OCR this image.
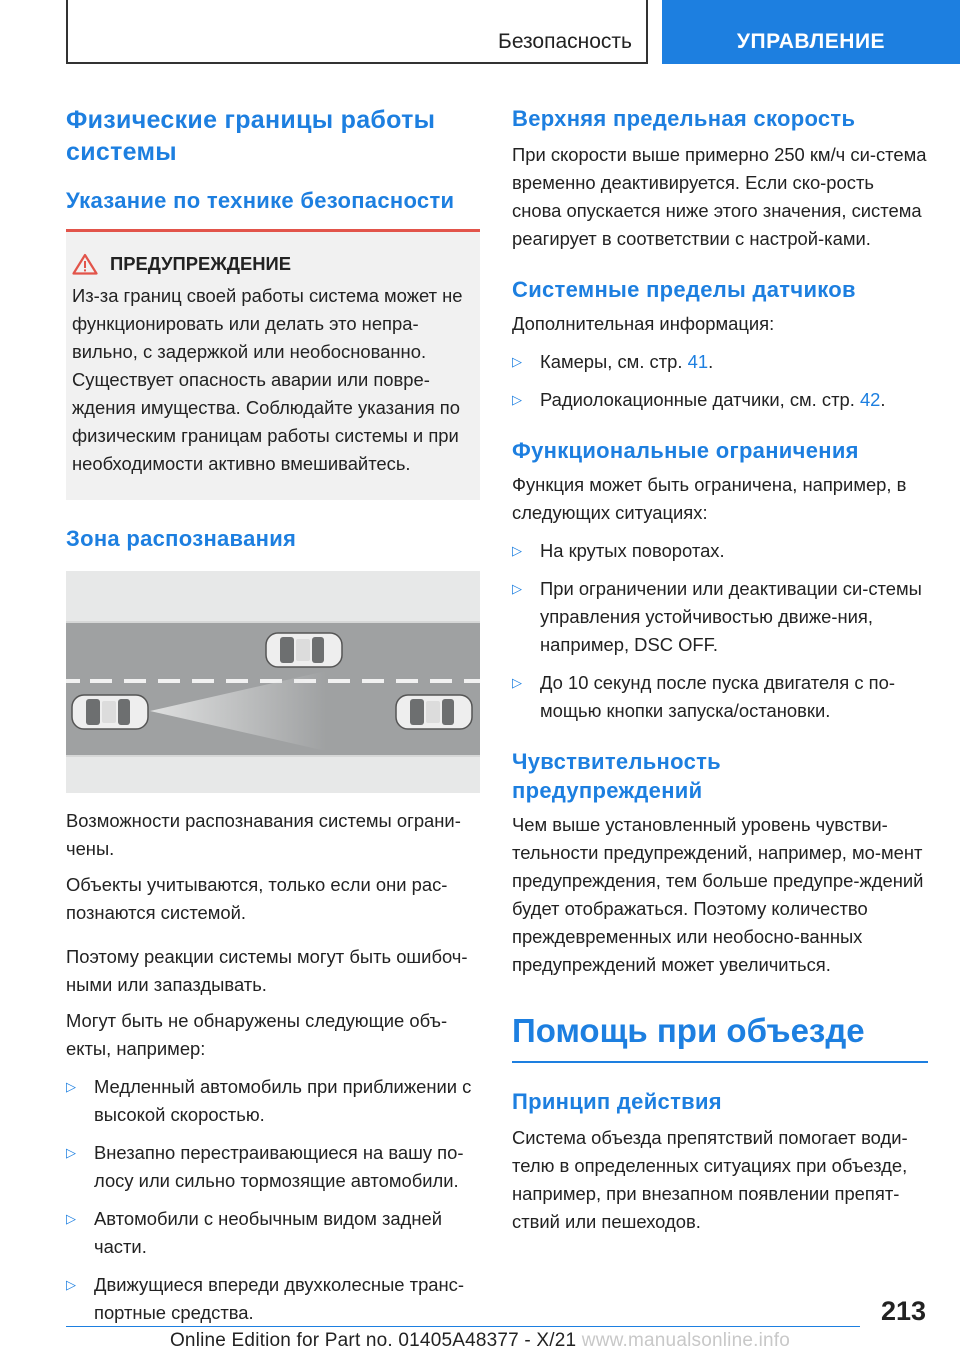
Безопасность	УПРАВЛЕНИЕ
Физические границы работы системы
Указание по технике безопасности
ПРЕДУПРЕЖДЕНИЕ

Из-за границ своей работы система может не функционировать или делать это непра-вильно, с задержкой или необоснованно. Существует опасность аварии или повре-ждения имущества. Соблюдайте указания по физическим границам работы системы и при необходимости активно вмешивайтесь.

Зона распознавания

Возможности распознавания системы ограни-чены.

Объекты учитываются, только если они рас-познаются системой.

Поэтому реакции системы могут быть ошибоч-ными или запаздывать.

Могут быть не обнаружены следующие объ-екты, например:

▷ Медленный автомобиль при приближении с высокой скоростью.
▷ Внезапно перестраивающиеся на вашу по-лосу или сильно тормозящие автомобили.
▷ Автомобили с необычным видом задней части.
▷ Движущиеся впереди двухколесные транс-портные средства.
Верхняя предельная скорость

При скорости выше примерно 250 км/ч си-стема временно деактивируется. Если ско-рость снова опускается ниже этого значения, система реагирует в соответствии с настрой-ками.

Системные пределы датчиков

Дополнительная информация:

▷ Камеры, см. стр. 41.
▷ Радиолокационные датчики, см. стр. 42.
Функциональные ограничения

Функция может быть ограничена, например, в следующих ситуациях:

▷ На крутых поворотах.
▷ При ограничении или деактивации си-стемы управления устойчивостью движе-ния, например, DSC OFF.
▷ До 10 секунд после пуска двигателя с по-мощью кнопки запуска/остановки.
Чувствительность предупреждений

Чем выше установленный уровень чувстви-тельности предупреждений, например, мо-мент предупреждения, тем больше предупре-ждений будет отображаться. Поэтому количество преждевременных или необосно-ванных предупреждений может увеличиться.

Помощь при объезде
Принцип действия

Система объезда препятствий помогает води-телю в определенных ситуациях при объезде, например, при внезапном появлении препят-ствий или пешеходов.

213
Online Edition for Part no. 01405A48377 - X/21 www.manualsonline.info
